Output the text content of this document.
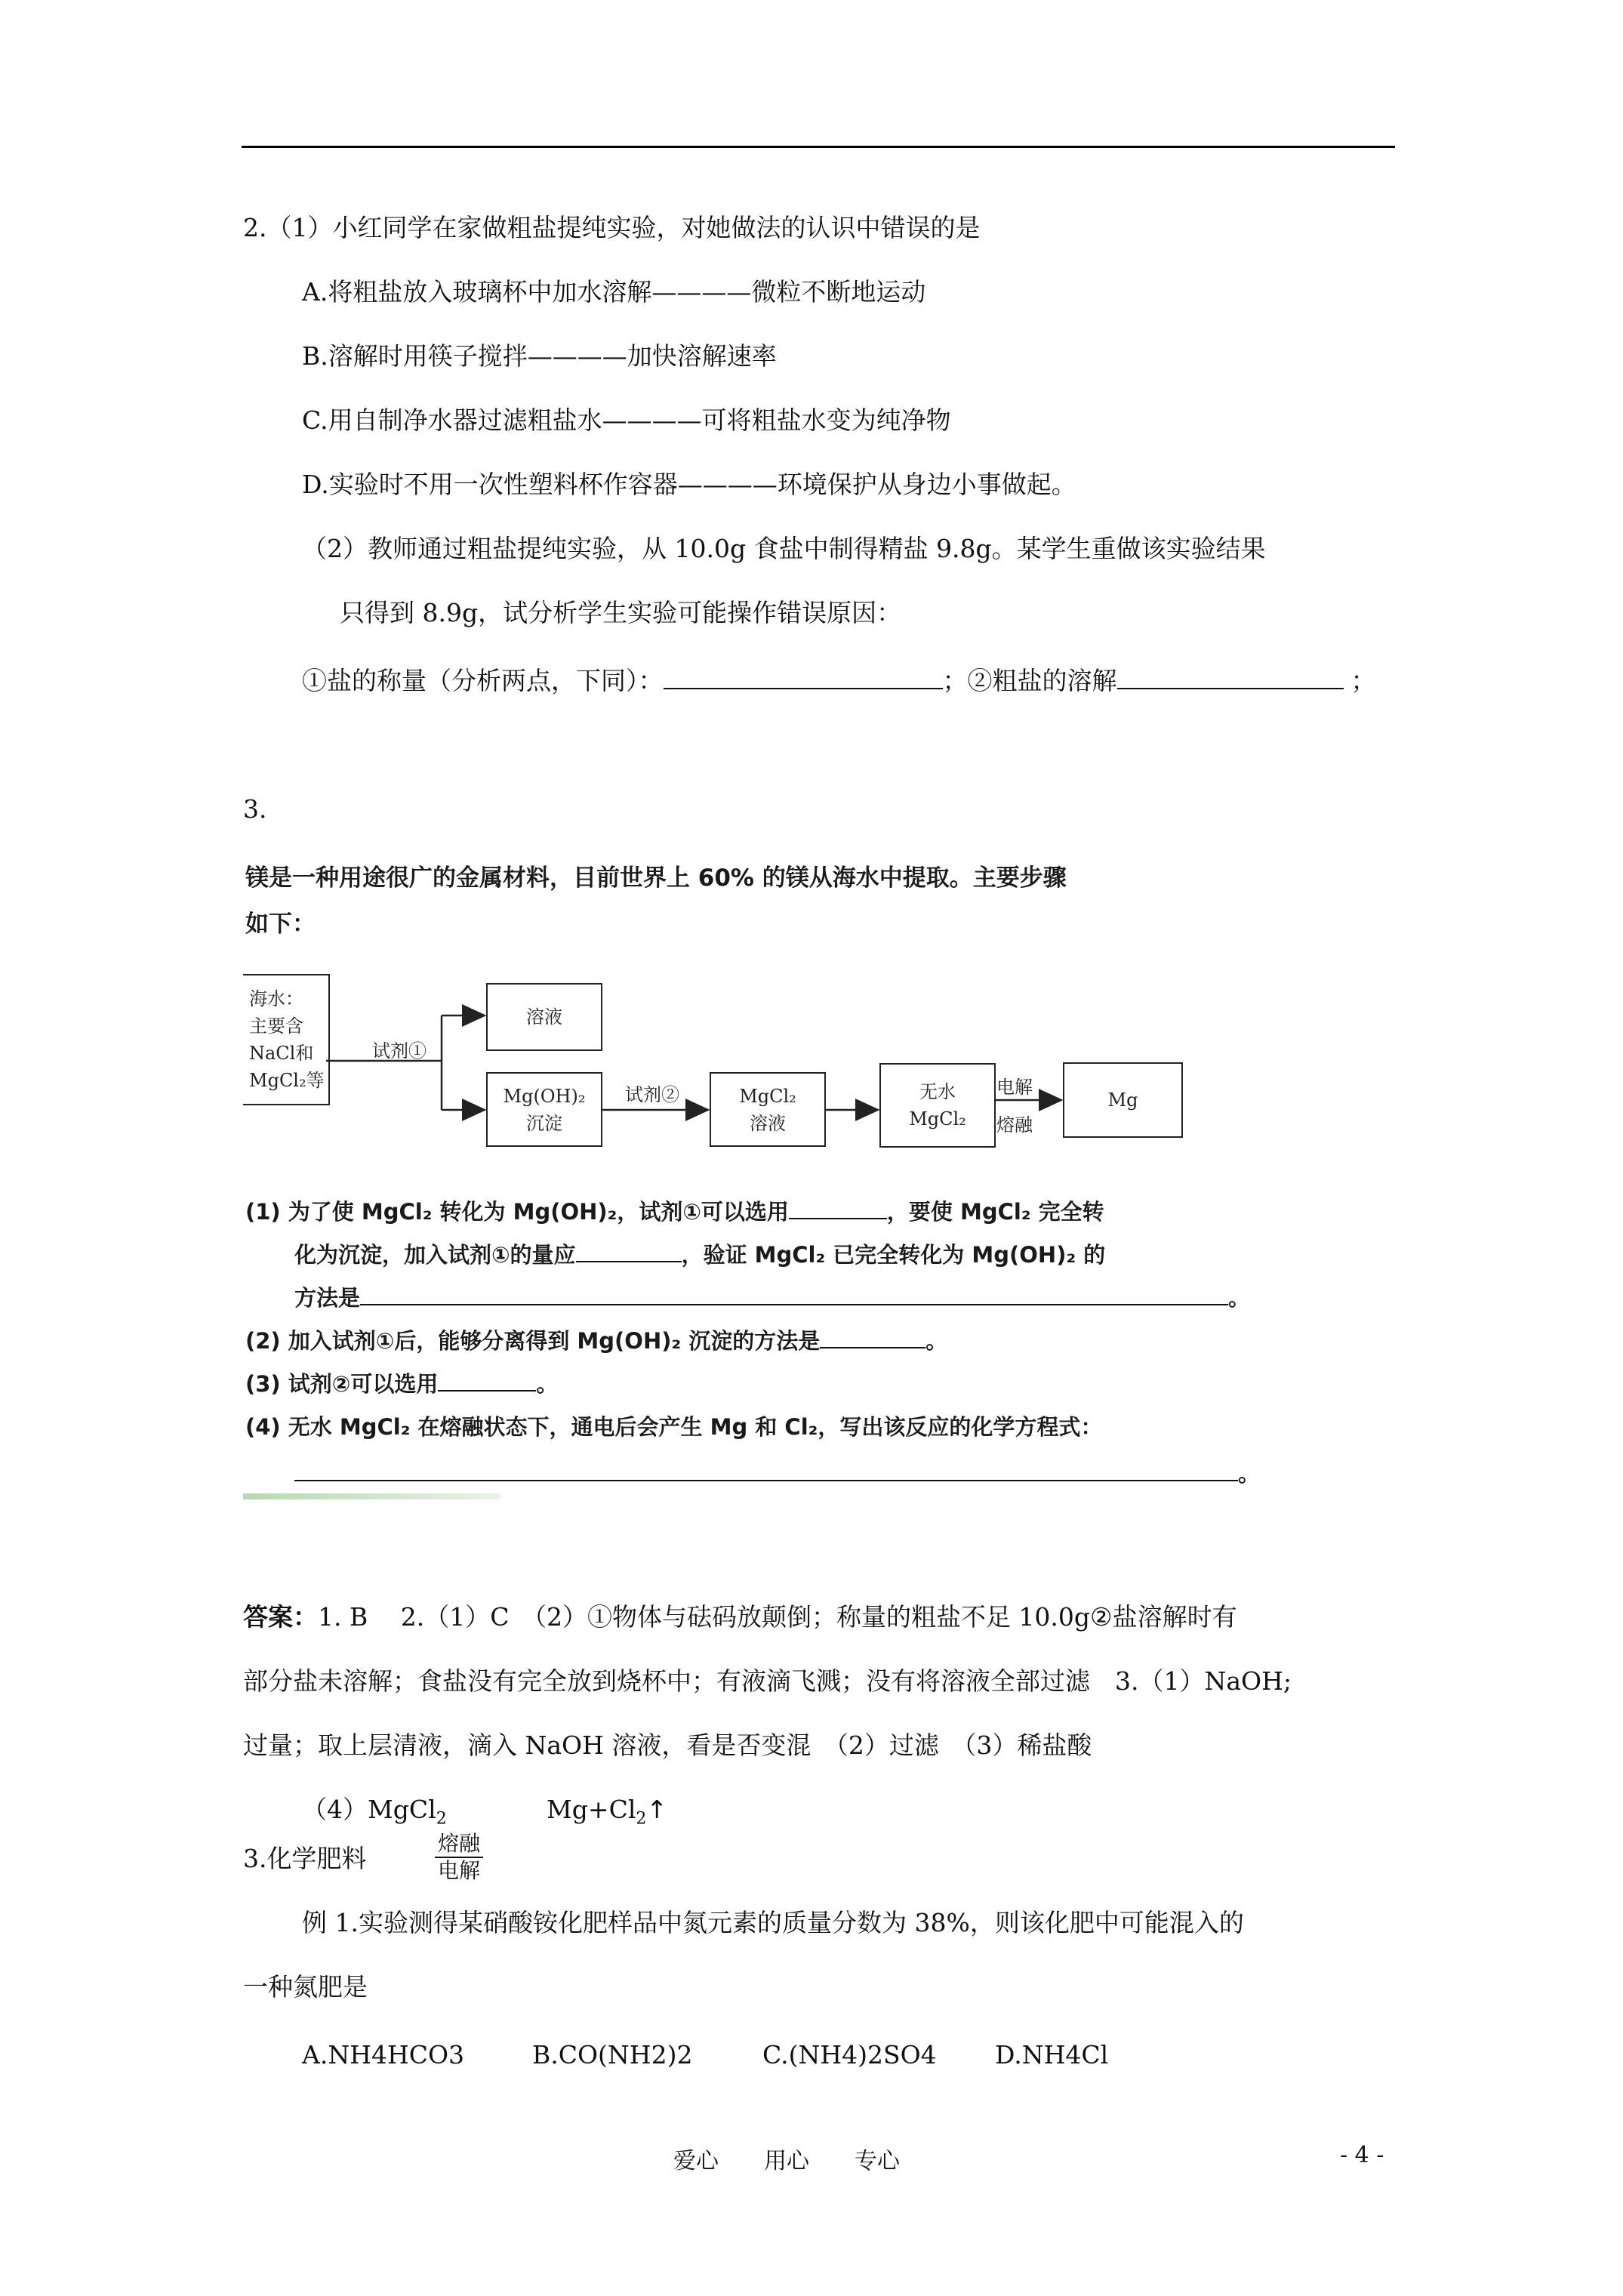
2.（1）小红同学在家做粗盐提纯实验，对她做法的认识中错误的是
A.将粗盐放入玻璃杯中加水溶解————微粒不断地运动
B.溶解时用筷子搅拌————加快溶解速率
C.用自制净水器过滤粗盐水————可将粗盐水变为纯净物
D.实验时不用一次性塑料杯作容器————环境保护从身边小事做起。
（2）教师通过粗盐提纯实验，从 10.0g 食盐中制得精盐 9.8g。某学生重做该实验结果
只得到 8.9g，试分析学生实验可能操作错误原因：
①盐的称量（分析两点，下同）：	；②粗盐的溶解	；
3.
镁是一种用途很广的金属材料，目前世界上 60% 的镁从海水中提取。主要步骤
如下：
海水：
主要含
NaCl和
MgCl₂等
溶液
Mg(OH)₂
沉淀
MgCl₂
溶液
无水
MgCl₂
Mg
试剂①
试剂②	电解
熔融
(1) 为了使 MgCl₂ 转化为 Mg(OH)₂，试剂①可以选用	，要使 MgCl₂ 完全转
化为沉淀，加入试剂①的量应	，验证 MgCl₂ 已完全转化为 Mg(OH)₂ 的
方法是	。
(2) 加入试剂①后，能够分离得到 Mg(OH)₂ 沉淀的方法是	。
(3) 试剂②可以选用	。
(4) 无水 MgCl₂ 在熔融状态下，通电后会产生 Mg 和 Cl₂，写出该反应的化学方程式：
。
答案：1. B　 2.（1）C　（2）①物体与砝码放颠倒；称量的粗盐不足 10.0g②盐溶解时有
部分盐未溶解；食盐没有完全放到烧杯中；有液滴飞溅；没有将溶液全部过滤　3.（1）NaOH;
过量；取上层清液，滴入 NaOH 溶液，看是否变混　（2）过滤　（3）稀盐酸
（4）MgCl$_2$	$Mg+Cl_2↑$
熔融
电解
3.化学肥料
例 1.实验测得某硝酸铵化肥样品中氮元素的质量分数为 38%，则该化肥中可能混入的
一种氮肥是
A.NH4HCO3	B.CO(NH2)2	C.(NH4)2SO4 D.NH4Cl
爱心　　用心　　专心	- 4 -
